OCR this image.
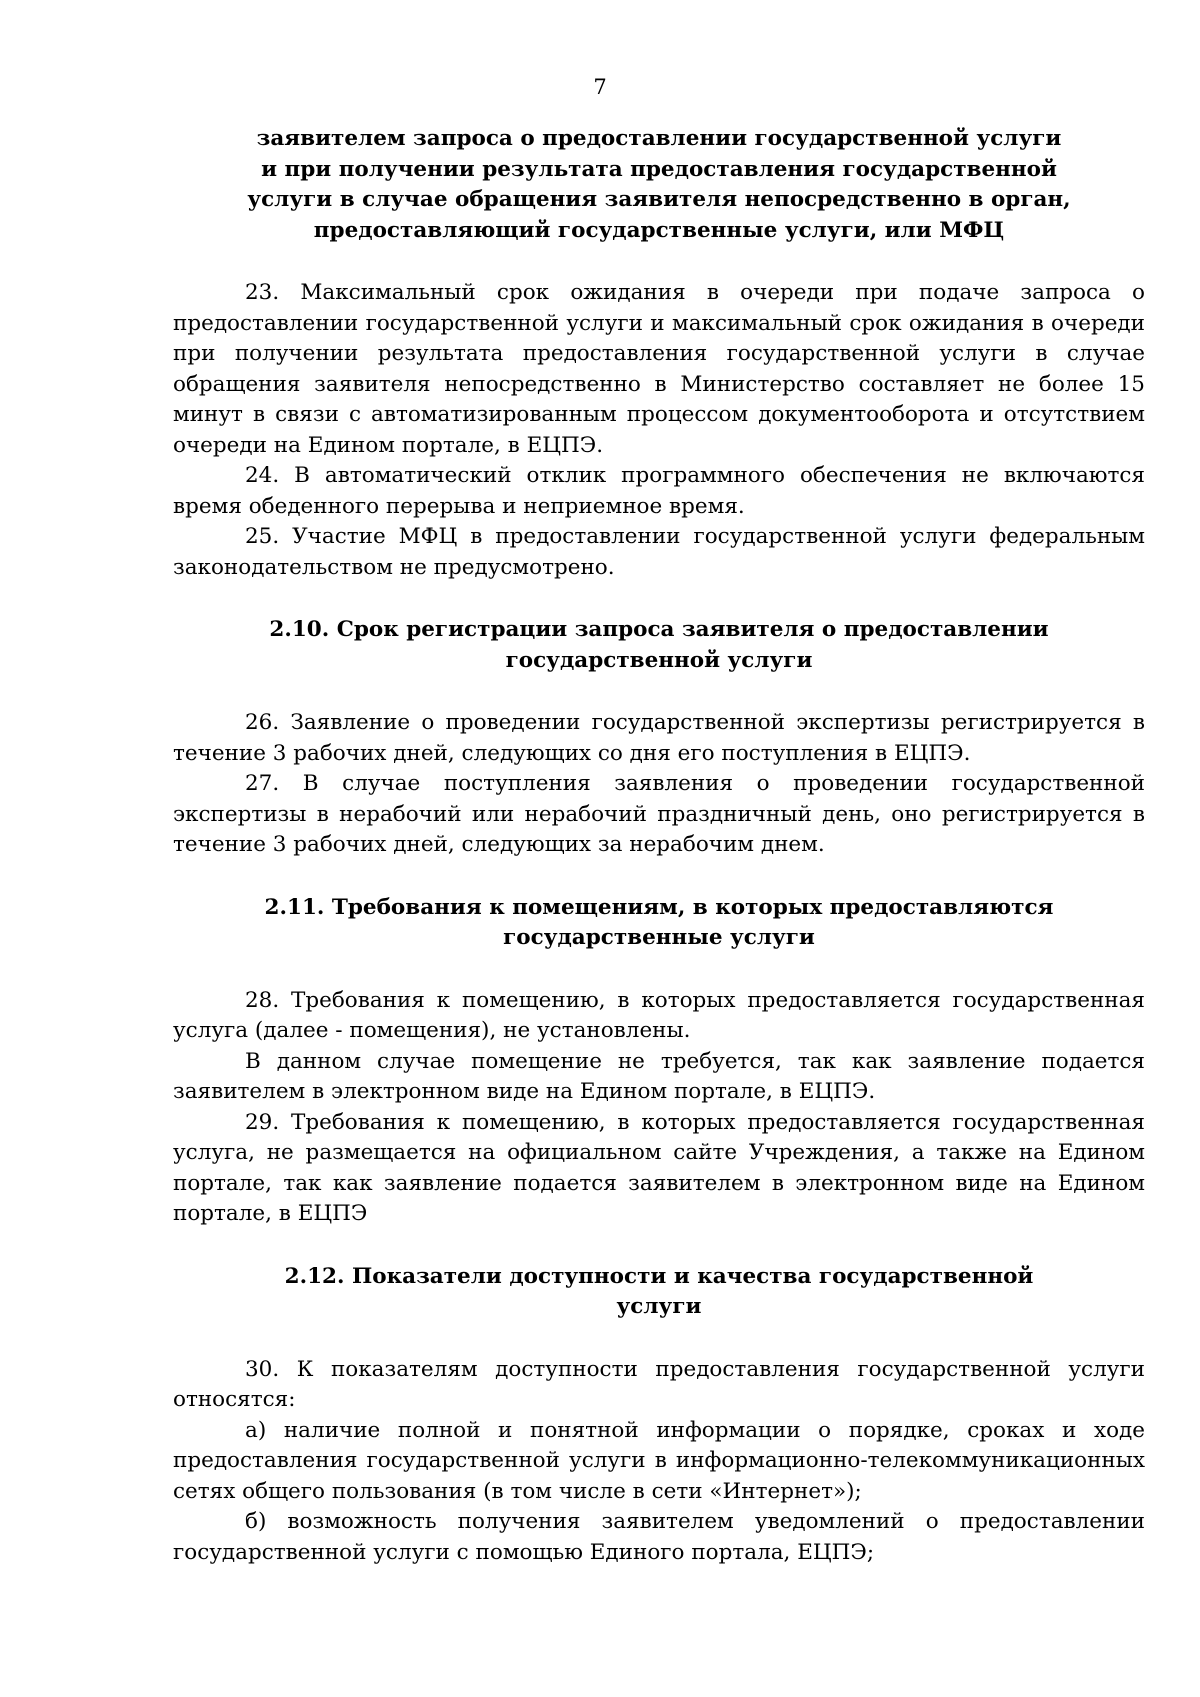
7
заявителем запроса о предоставлении государственной услуги
и при получении результата предоставления государственной
услуги в случае обращения заявителя непосредственно в орган,
предоставляющий государственные услуги, или МФЦ

23. Максимальный срок ожидания в очереди при подаче запроса о предоставлении государственной услуги и максимальный срок ожидания в очереди при получении результата предоставления государственной услуги в случае обращения заявителя непосредственно в Министерство составляет не более 15 минут в связи с автоматизированным процессом документооборота и отсутствием очереди на Едином портале, в ЕЦПЭ.

24. В автоматический отклик программного обеспечения не включаются время обеденного перерыва и неприемное время.

25. Участие МФЦ в предоставлении государственной услуги федеральным законодательством не предусмотрено.

2.10. Срок регистрации запроса заявителя о предоставлении
государственной услуги

26. Заявление о проведении государственной экспертизы регистрируется в течение 3 рабочих дней, следующих со дня его поступления в ЕЦПЭ.

27. В случае поступления заявления о проведении государственной экспертизы в нерабочий или нерабочий праздничный день, оно регистрируется в течение 3 рабочих дней, следующих за нерабочим днем.

2.11. Требования к помещениям, в которых предоставляются
государственные услуги

28. Требования к помещению, в которых предоставляется государственная услуга (далее - помещения), не установлены.

В данном случае помещение не требуется, так как заявление подается заявителем в электронном виде на Едином портале, в ЕЦПЭ.

29. Требования к помещению, в которых предоставляется государственная услуга, не размещается на официальном сайте Учреждения, а также на Едином портале, так как заявление подается заявителем в электронном виде на Едином портале, в ЕЦПЭ

2.12. Показатели доступности и качества государственной
услуги

30. К показателям доступности предоставления государственной услуги относятся:

а) наличие полной и понятной информации о порядке, сроках и ходе предоставления государственной услуги в информационно-телекоммуникационных сетях общего пользования (в том числе в сети «Интернет»);

б) возможность получения заявителем уведомлений о предоставлении государственной услуги с помощью Единого портала, ЕЦПЭ;
